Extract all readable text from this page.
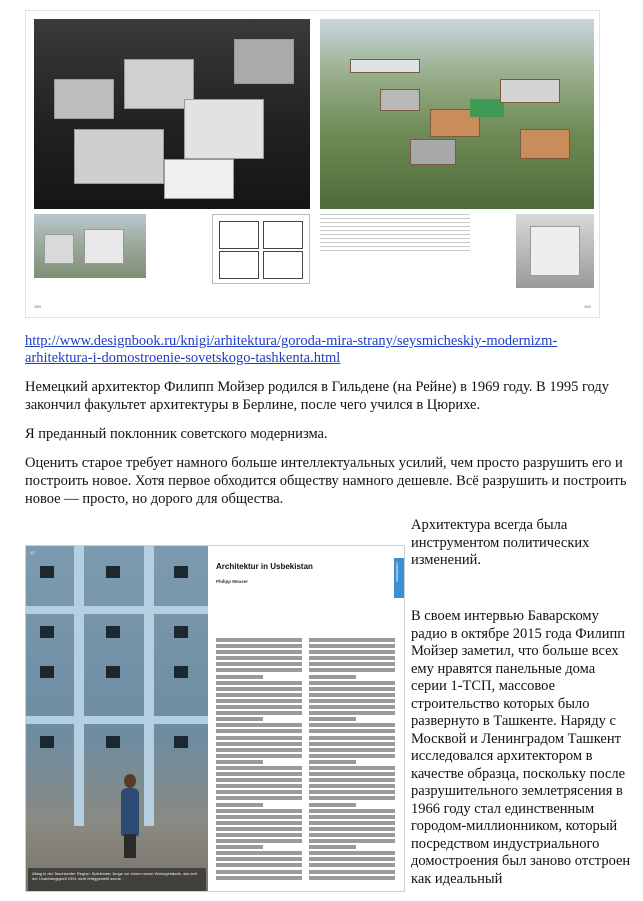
190	193
http://www.designbook.ru/knigi/arhitektura/goroda-mira-strany/seysmicheskiy-modernizm-
arhitektura-i-domostroenie-sovetskogo-tashkenta.html

Немецкий архитектор Филипп Мойзер родился в Гильдене (на Рейне) в 1969 году. В 1995 году закончил факультет архитектуры в Берлине, после чего учился в Цюрихе.

Я преданный поклонник советского модернизма.

Оценить старое требует намного больше интеллектуальных усилий, чем просто разрушить его и построить новое. Хотя первое обходится обществу намного дешевле. Всё разрушить и построить новое — просто, но дорого для общества.

12
Alltag in der Taschkenter Region: Spielender Junge vor einem neuen Wohngebäude, das seit der Unabhängigkeit 1991 nicht fertiggestellt wurde.
Architektur in Usbekistan
Philipp Meuser	Usbekistan

Архитектура всегда была инструментом политических изменений.

В своем интервью Баварскому радио в октябре 2015 года Филипп Мойзер заметил, что больше всех ему нравятся панельные дома серии 1-ТСП, массовое строительство которых было развернуто в Ташкенте. Наряду с Москвой и Ленинградом Ташкент исследовался архитектором в качестве образца, поскольку после разрушительного землетрясения в 1966 году стал единственным городом-миллионником, который посредством индустриального домостроения был заново отстроен как идеальный
